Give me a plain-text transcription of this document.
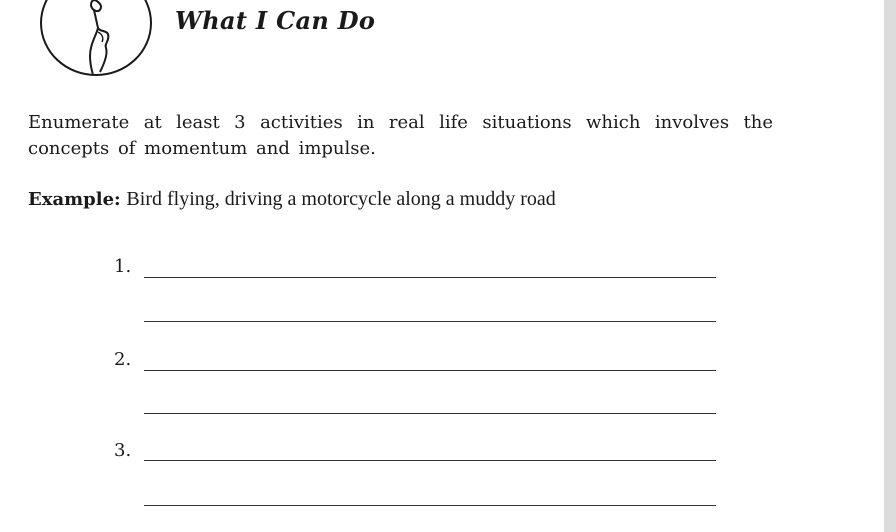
What I Can Do
Enumerate at least 3 activities in real life situations which involves the concepts of momentum and impulse.
Example: Bird flying, driving a motorcycle along a muddy road
1.
2.
3.
